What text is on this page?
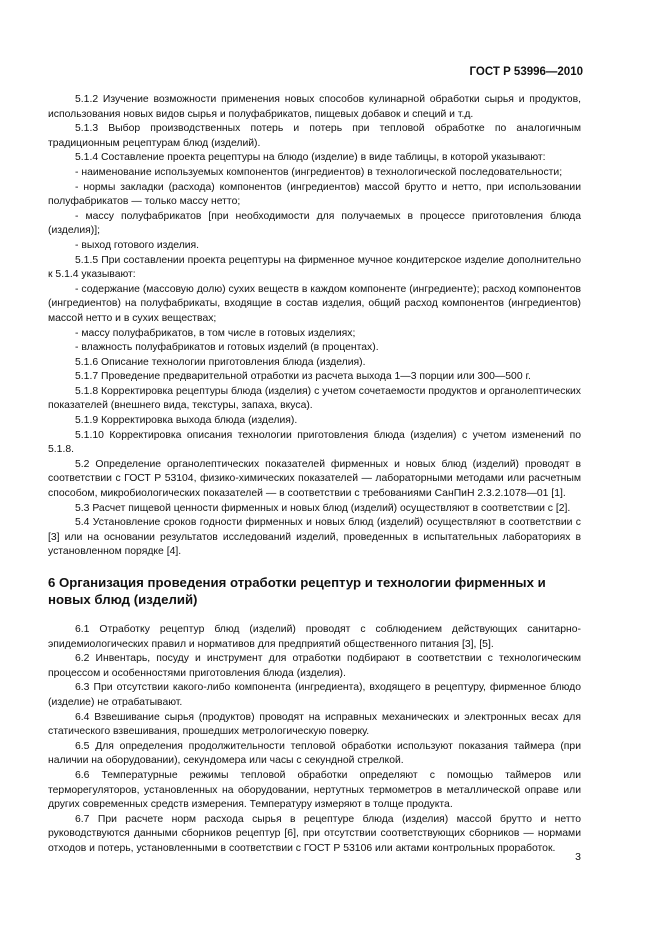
ГОСТ Р 53996—2010

5.1.2 Изучение возможности применения новых способов кулинарной обработки сырья и продуктов, использования новых видов сырья и полуфабрикатов, пищевых добавок и специй и т.д.

5.1.3 Выбор производственных потерь и потерь при тепловой обработке по аналогичным традиционным рецептурам блюд (изделий).

5.1.4 Составление проекта рецептуры на блюдо (изделие) в виде таблицы, в которой указывают:

- наименование используемых компонентов (ингредиентов) в технологической последовательности;

- нормы закладки (расхода) компонентов (ингредиентов) массой брутто и нетто, при использовании полуфабрикатов — только массу нетто;

- массу полуфабрикатов [при необходимости для получаемых в процессе приготовления блюда (изделия)];

- выход готового изделия.

5.1.5 При составлении проекта рецептуры на фирменное мучное кондитерское изделие дополнительно к 5.1.4 указывают:

- содержание (массовую долю) сухих веществ в каждом компоненте (ингредиенте); расход компонентов (ингредиентов) на полуфабрикаты, входящие в состав изделия, общий расход компонентов (ингредиентов) массой нетто и в сухих веществах;

- массу полуфабрикатов, в том числе в готовых изделиях;

- влажность полуфабрикатов и готовых изделий (в процентах).

5.1.6 Описание технологии приготовления блюда (изделия).

5.1.7 Проведение предварительной отработки из расчета выхода 1—3 порции или 300—500 г.

5.1.8 Корректировка рецептуры блюда (изделия) с учетом сочетаемости продуктов и органолептических показателей (внешнего вида, текстуры, запаха, вкуса).

5.1.9 Корректировка выхода блюда (изделия).

5.1.10 Корректировка описания технологии приготовления блюда (изделия) с учетом изменений по 5.1.8.

5.2 Определение органолептических показателей фирменных и новых блюд (изделий) проводят в соответствии с ГОСТ Р 53104, физико-химических показателей — лабораторными методами или расчетным способом, микробиологических показателей — в соответствии с требованиями СанПиН 2.3.2.1078—01 [1].

5.3 Расчет пищевой ценности фирменных и новых блюд (изделий) осуществляют в соответствии с [2].

5.4 Установление сроков годности фирменных и новых блюд (изделий) осуществляют в соответствии с [3] или на основании результатов исследований изделий, проведенных в испытательных лабораториях в установленном порядке [4].

6 Организация проведения отработки рецептур и технологии фирменных и новых блюд (изделий)

6.1 Отработку рецептур блюд (изделий) проводят с соблюдением действующих санитарно-эпидемиологических правил и нормативов для предприятий общественного питания [3], [5].

6.2 Инвентарь, посуду и инструмент для отработки подбирают в соответствии с технологическим процессом и особенностями приготовления блюда (изделия).

6.3 При отсутствии какого-либо компонента (ингредиента), входящего в рецептуру, фирменное блюдо (изделие) не отрабатывают.

6.4 Взвешивание сырья (продуктов) проводят на исправных механических и электронных весах для статического взвешивания, прошедших метрологическую поверку.

6.5 Для определения продолжительности тепловой обработки используют показания таймера (при наличии на оборудовании), секундомера или часы с секундной стрелкой.

6.6 Температурные режимы тепловой обработки определяют с помощью таймеров или терморегуляторов, установленных на оборудовании, нертутных термометров в металлической оправе или других современных средств измерения. Температуру измеряют в толще продукта.

6.7 При расчете норм расхода сырья в рецептуре блюда (изделия) массой брутто и нетто руководствуются данными сборников рецептур [6], при отсутствии соответствующих сборников — нормами отходов и потерь, установленными в соответствии с ГОСТ Р 53106 или актами контрольных проработок.

3
